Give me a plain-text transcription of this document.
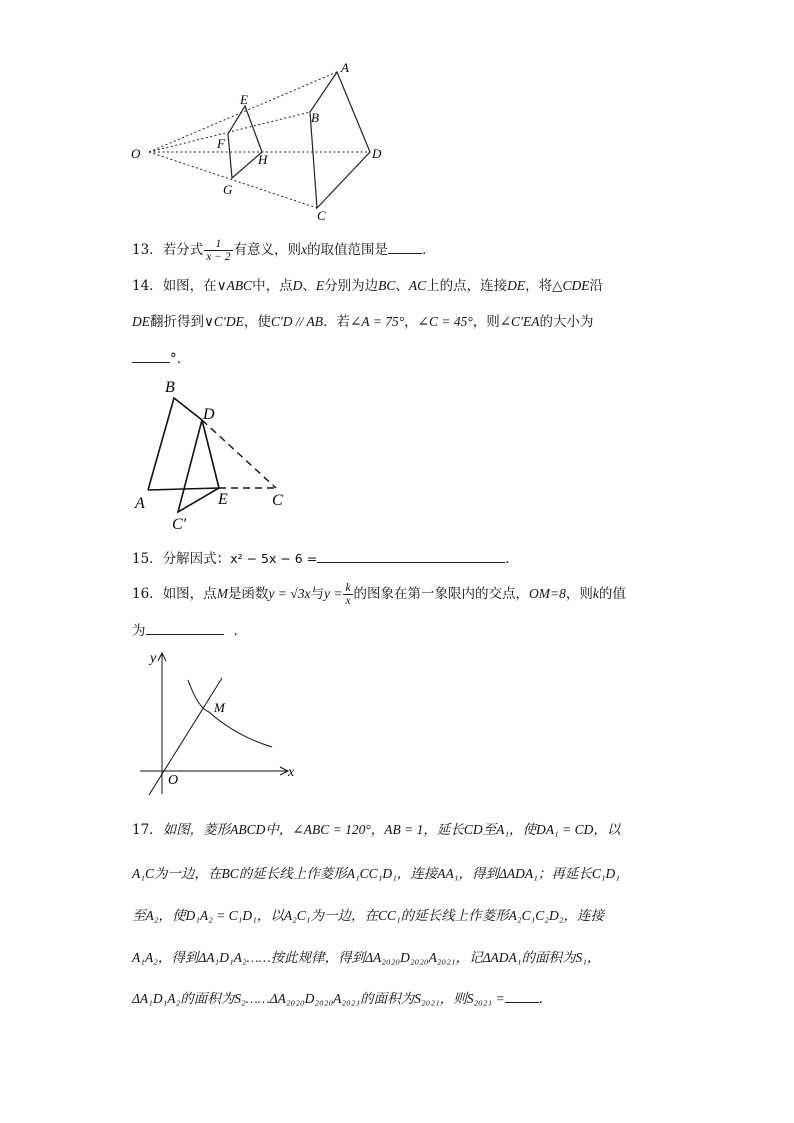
A
B
C
D
E
F
G
H
O
13．若分式 $\frac{1}{x - 2}$ 有意义，则x的取值范围是	．
14．如图，在∨ABC中，点D、E分别为边BC、AC上的点，连接DE，将△CDE沿
DE翻折得到∨C′DE，使C′D // AB．若∠A = 75°，∠C = 45°，则∠C′EA的大小为
°．
B
D
A	E	C
C′
15．分解因式：x² − 5x − 6 =	．
16．如图，点M是函数y = √3x与$y = \frac{k}{x}$ 的图象在第一象限内的交点，OM=8，则k的值
为	．
y
x
O
M
17．如图，菱形ABCD中，∠ABC = 120°，AB = 1，延长CD至A₁，使DA₁ = CD，以
A₁C为一边，在BC的延长线上作菱形A₁CC₁D₁，连接AA₁，得到ΔADA₁；再延长C₁D₁
至A₂，使D₁A₂ = C₁D₁，以A₂C₁为一边，在CC₁的延长线上作菱形A₂C₁C₂D₂，连接
A₁A₂，得到ΔA₁D₁A₂……按此规律，得到ΔA₂₀₂₀D₂₀₂₀A₂₀₂₁，记ΔADA₁的面积为S₁，
ΔA₁D₁A₂的面积为S₂……ΔA₂₀₂₀D₂₀₂₀A₂₀₂₁的面积为S₂₀₂₁，则S₂₀₂₁ =	．
